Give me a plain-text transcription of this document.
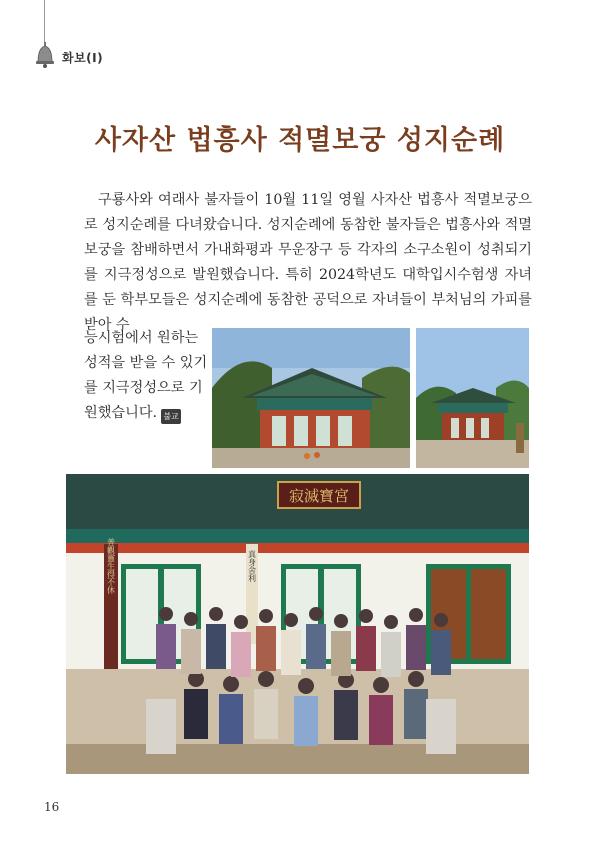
화보(Ⅰ)
사자산 법흥사 적멸보궁 성지순례

구룡사와 여래사 불자들이 10월 11일 영월 사자산 법흥사 적멸보궁으로 성지순례를 다녀왔습니다. 성지순례에 동참한 불자들은 법흥사와 적멸보궁을 참배하면서 가내화평과 무운장구 등 각자의 소구소원이 성취되기를 지극정성으로 발원했습니다. 특히 2024학년도 대학입시수험생 자녀를 둔 학부모들은 성지순례에 동참한 공덕으로 자녀들이 부처님의 가피를 받아 수

능시험에서 원하는 성적을 받을 수 있기를 지극정성으로 기원했습니다. 불교
寂滅寶宮
普觀靈生得不休	真身舍利
16
